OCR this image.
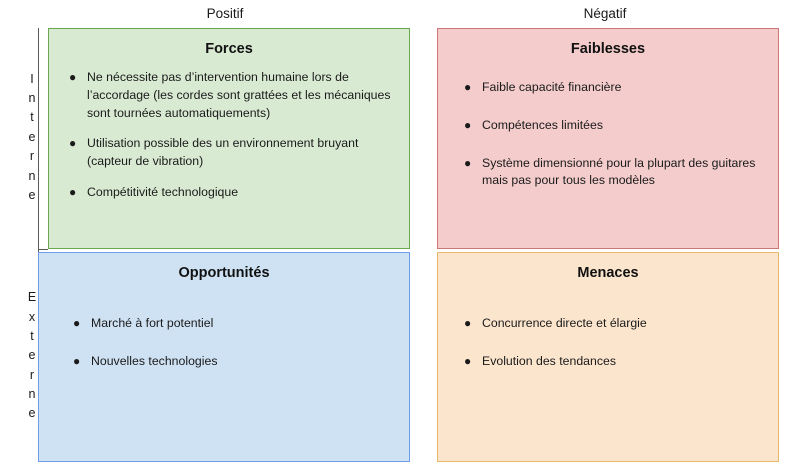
Positif	Négatif
I
n
t
e
r
n
e
E
x
t
e
r
n
e
Forces
● Ne nécessite pas d’intervention humaine lors de l’accordage (les cordes sont grattées et les mécaniques sont tournées automatiquements)
● Utilisation possible des un environnement bruyant (capteur de vibration)
● Compétitivité technologique
Faiblesses
● Faible capacité financière
● Compétences limitées
● Système dimensionné pour la plupart des guitares mais pas pour tous les modèles
Opportunités
● Marché à fort potentiel
● Nouvelles technologies
Menaces
● Concurrence directe et élargie
● Evolution des tendances
